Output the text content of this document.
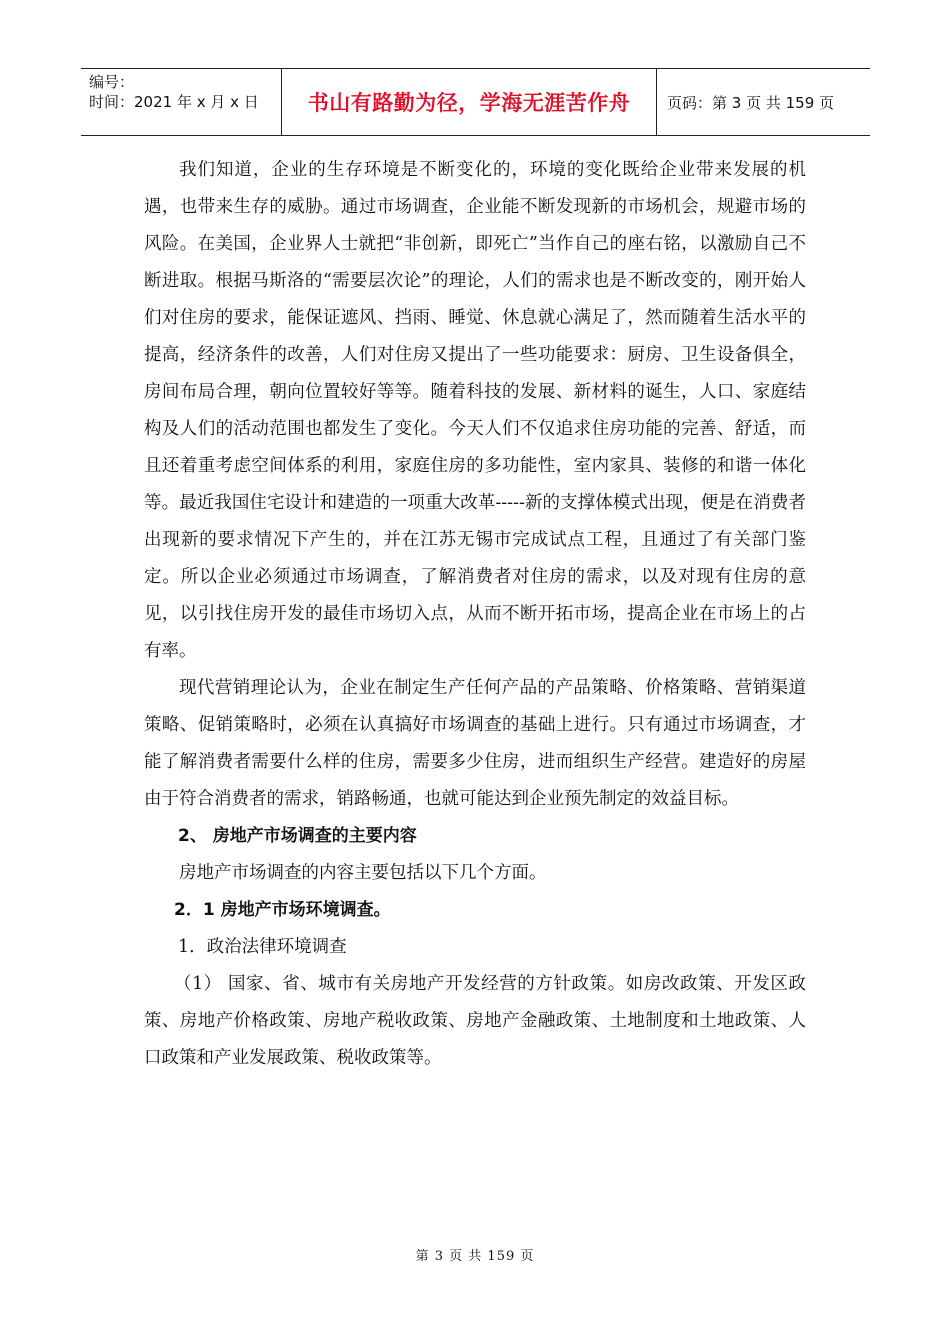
编号：
时间：2021 年 x 月 x 日	书山有路勤为径，学海无涯苦作舟	页码：第 3 页 共 159 页

我们知道，企业的生存环境是不断变化的，环境的变化既给企业带来发展的机遇，也带来生存的威胁。通过市场调查，企业能不断发现新的市场机会，规避市场的风险。在美国，企业界人士就把“非创新，即死亡”当作自己的座右铭，以激励自己不断进取。根据马斯洛的“需要层次论”的理论，人们的需求也是不断改变的，刚开始人们对住房的要求，能保证遮风、挡雨、睡觉、休息就心满足了，然而随着生活水平的提高，经济条件的改善，人们对住房又提出了一些功能要求：厨房、卫生设备俱全，房间布局合理，朝向位置较好等等。随着科技的发展、新材料的诞生，人口、家庭结构及人们的活动范围也都发生了变化。今天人们不仅追求住房功能的完善、舒适，而且还着重考虑空间体系的利用，家庭住房的多功能性，室内家具、装修的和谐一体化等。最近我国住宅设计和建造的一项重大改革-----新的支撑体模式出现，便是在消费者出现新的要求情况下产生的，并在江苏无锡市完成试点工程，且通过了有关部门鉴定。所以企业必须通过市场调查，了解消费者对住房的需求，以及对现有住房的意见，以引找住房开发的最佳市场切入点，从而不断开拓市场，提高企业在市场上的占有率。

现代营销理论认为，企业在制定生产任何产品的产品策略、价格策略、营销渠道策略、促销策略时，必须在认真搞好市场调查的基础上进行。只有通过市场调查，才能了解消费者需要什么样的住房，需要多少住房，进而组织生产经营。建造好的房屋由于符合消费者的需求，销路畅通，也就可能达到企业预先制定的效益目标。

2、 房地产市场调查的主要内容

房地产市场调查的内容主要包括以下几个方面。

2．1 房地产市场环境调查。

1．政治法律环境调查

（1） 国家、省、城市有关房地产开发经营的方针政策。如房改政策、开发区政策、房地产价格政策、房地产税收政策、房地产金融政策、土地制度和土地政策、人口政策和产业发展政策、税收政策等。

第 3 页 共 159 页
